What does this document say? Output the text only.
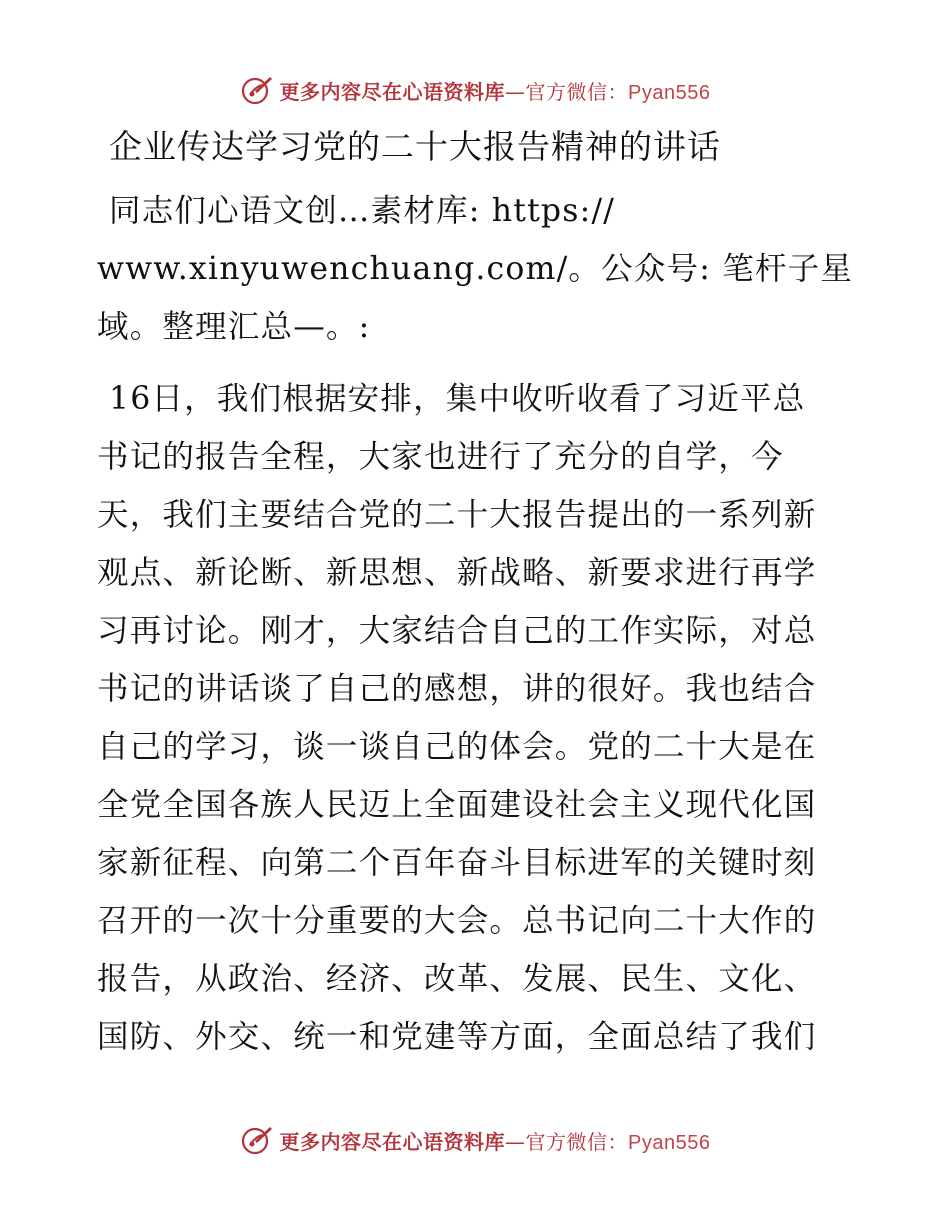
更多内容尽在心语资料库—官方微信：Pyan556
企业传达学习党的二十大报告精神的讲话
同志们心语文创…素材库: https://
www.xinyuwenchuang.com/。公众号: 笔杆子星
域。整理汇总—。:
16日，我们根据安排，集中收听收看了习近平总
书记的报告全程，大家也进行了充分的自学，今
天，我们主要结合党的二十大报告提出的一系列新
观点、新论断、新思想、新战略、新要求进行再学
习再讨论。刚才，大家结合自己的工作实际，对总
书记的讲话谈了自己的感想，讲的很好。我也结合
自己的学习，谈一谈自己的体会。党的二十大是在
全党全国各族人民迈上全面建设社会主义现代化国
家新征程、向第二个百年奋斗目标进军的关键时刻
召开的一次十分重要的大会。总书记向二十大作的
报告，从政治、经济、改革、发展、民生、文化、
国防、外交、统一和党建等方面，全面总结了我们
更多内容尽在心语资料库—官方微信：Pyan556
